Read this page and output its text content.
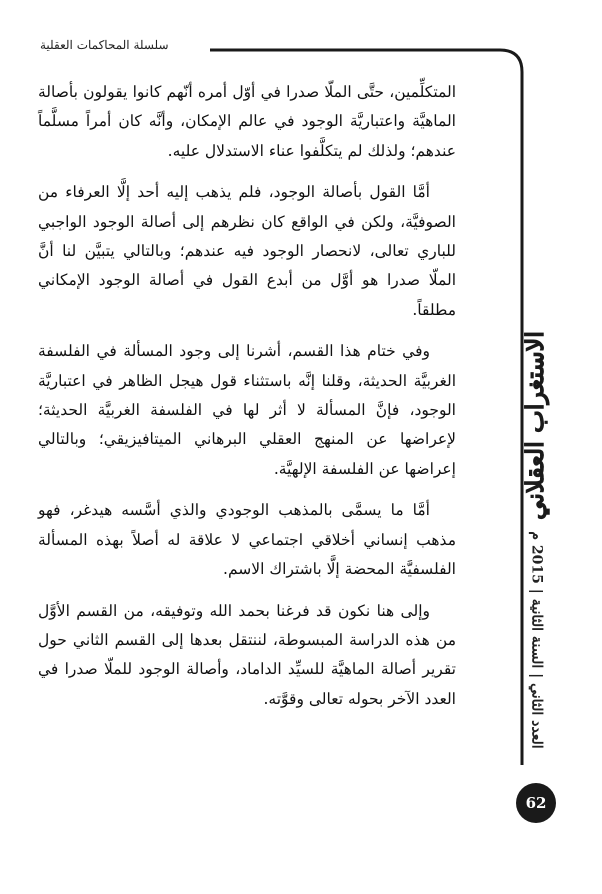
سلسلة المحاكمات العقلية

المتكلِّمين، حتَّى الملّا صدرا في أوّل أمره أنّهم كانوا يقولون بأصالة الماهيَّة واعتباريَّة الوجود في عالم الإمكان، وأنَّه كان أمراً مسلَّماً عندهم؛ ولذلك لم يتكلَّفوا عناء الاستدلال عليه.

أمَّا القول بأصالة الوجود، فلم يذهب إليه أحد إلَّا العرفاء من الصوفيَّة، ولكن في الواقع كان نظرهم إلى أصالة الوجود الواجبي للباري تعالى، لانحصار الوجود فيه عندهم؛ وبالتالي يتبيَّن لنا أنَّ الملّا صدرا هو أوَّل من أبدع القول في أصالة الوجود الإمكاني مطلقاً.

وفي ختام هذا القسم، أشرنا إلى وجود المسألة في الفلسفة الغربيَّة الحديثة، وقلنا إنَّه باستثناء قول هيجل الظاهر في اعتباريَّة الوجود، فإنَّ المسألة لا أثر لها في الفلسفة الغربيَّة الحديثة؛ لإعراضها عن المنهج العقلي البرهاني الميتافيزيقي؛ وبالتالي إعراضها عن الفلسفة الإلهيَّة.

أمَّا ما يسمَّى بالمذهب الوجودي والذي أسَّسه هيدغر، فهو مذهب إنساني أخلاقي اجتماعي لا علاقة له أصلاً بهذه المسألة الفلسفيَّة المحضة إلَّا باشتراك الاسم.

وإلى هنا نكون قد فرغنا بحمد الله وتوفيقه، من القسم الأوَّل من هذه الدراسة المبسوطة، لننتقل بعدها إلى القسم الثاني حول تقرير أصالة الماهيَّة للسيِّد الداماد، وأصالة الوجود للملّا صدرا في العدد الآخر بحوله تعالى وقوَّته.

الاستغراب العقلاني
العدد الثاني | السنة الثانية | 2015 م
62
